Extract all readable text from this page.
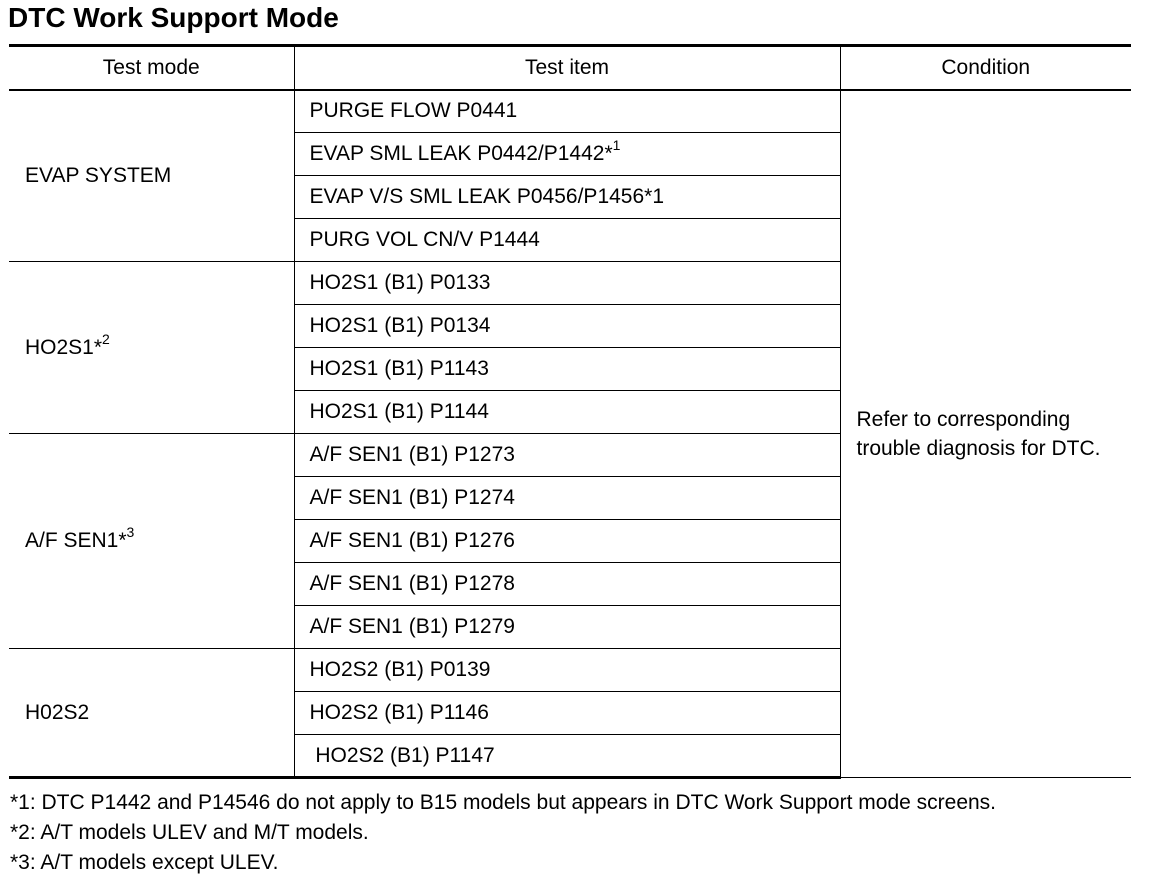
DTC Work Support Mode
Test mode	Test item	Condition
EVAP SYSTEM	PURGE FLOW P0441	Refer to corresponding trouble diagnosis for DTC.
	EVAP SML LEAK P0442/P1442*$^1$
	EVAP V/S SML LEAK P0456/P1456*1	
	PURG VOL CN/V P1444	
HO2S1*$^2$	HO2S1 (B1) P0133	
	HO2S1 (B1) P0134	
	HO2S1 (B1) P1143	
	HO2S1 (B1) P1144	
A/F SEN1*$^3$	A/F SEN1 (B1) P1273	
	A/F SEN1 (B1) P1274	
	A/F SEN1 (B1) P1276	
	A/F SEN1 (B1) P1278	
	A/F SEN1 (B1) P1279	
H02S2	HO2S2 (B1) P0139	
	HO2S2 (B1) P1146	
	HO2S2 (B1) P1147	
*1: DTC P1442 and P14546 do not apply to B15 models but appears in DTC Work Support mode screens.
*2: A/T models ULEV and M/T models.
*3: A/T models except ULEV.
